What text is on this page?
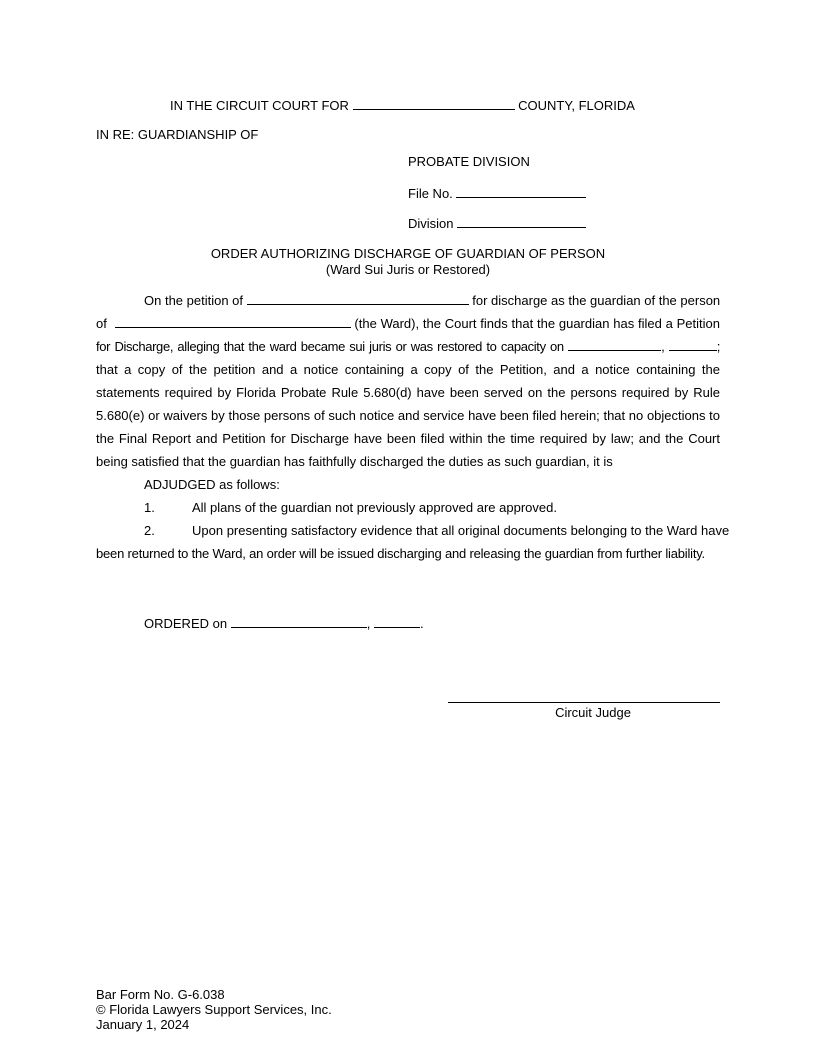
IN THE CIRCUIT COURT FOR	COUNTY, FLORIDA
IN RE: GUARDIANSHIP OF
PROBATE DIVISION
File No.
Division
ORDER AUTHORIZING DISCHARGE OF GUARDIAN OF PERSON
(Ward Sui Juris or Restored)
On the petition of	for discharge as the guardian of the person
of	(the Ward), the Court finds that the guardian has filed a Petition
for Discharge, alleging that the ward became sui juris or was restored to capacity on	,	;
that a copy of the petition and a notice containing a copy of the Petition, and a notice containing the
statements required by Florida Probate Rule 5.680(d) have been served on the persons required by Rule
5.680(e) or waivers by those persons of such notice and service have been filed herein; that no objections to
the Final Report and Petition for Discharge have been filed within the time required by law; and the Court
being satisfied that the guardian has faithfully discharged the duties as such guardian, it is
ADJUDGED as follows:
1.	All plans of the guardian not previously approved are approved.
2.	Upon presenting satisfactory evidence that all original documents belonging to the Ward have
been returned to the Ward, an order will be issued discharging and releasing the guardian from further liability.
ORDERED on	,	.
Circuit Judge
Bar Form No. G-6.038
© Florida Lawyers Support Services, Inc.
January 1, 2024
